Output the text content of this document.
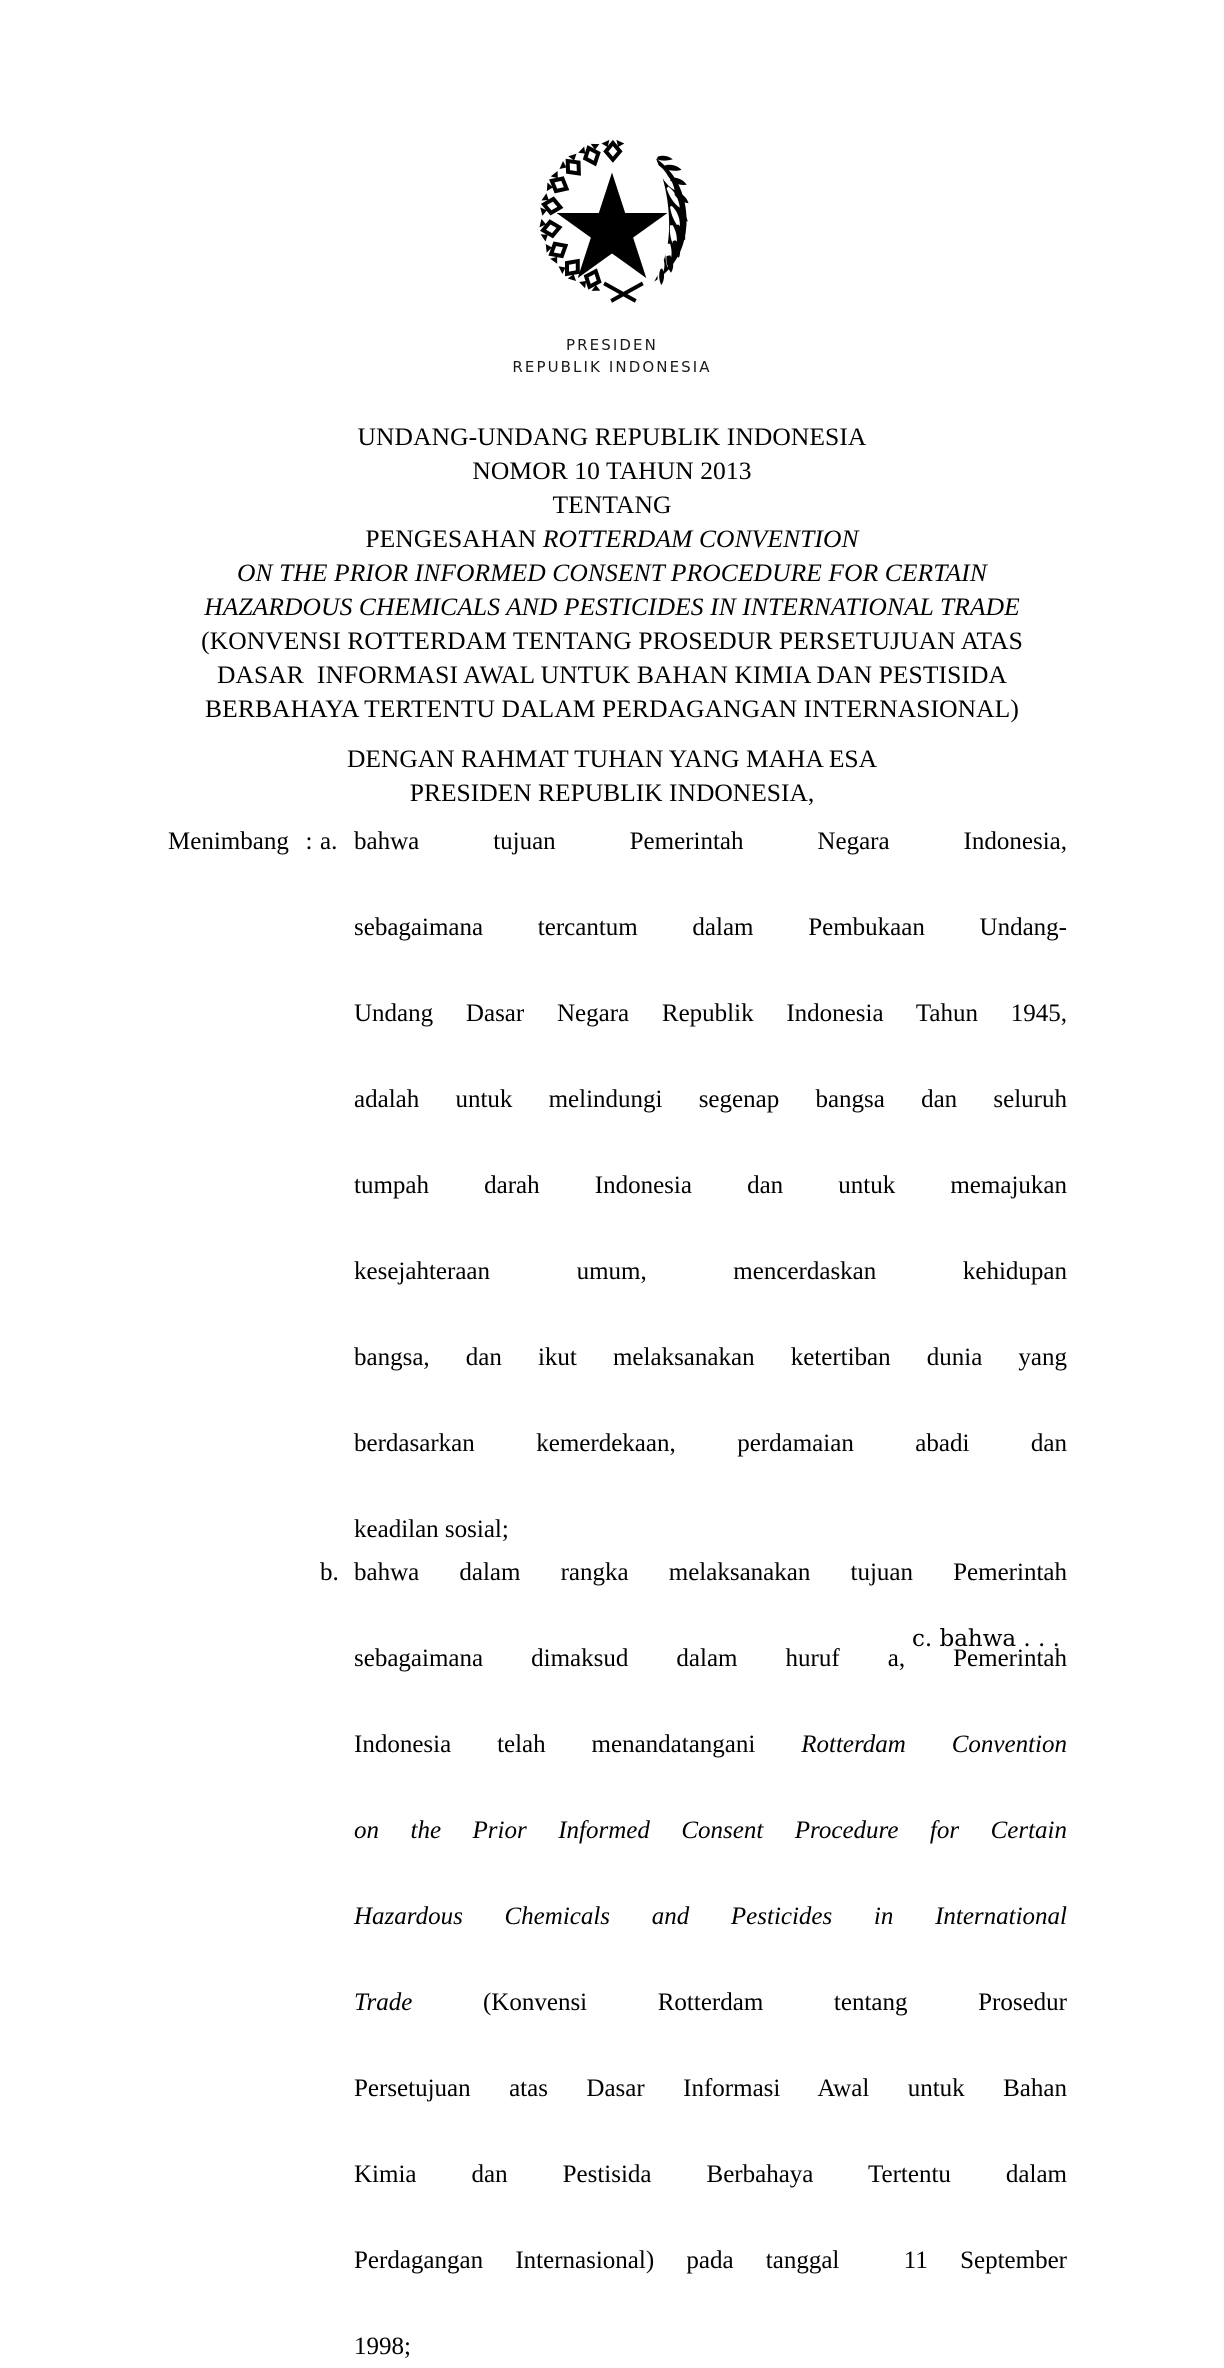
PRESIDEN
REPUBLIK INDONESIA
UNDANG-UNDANG REPUBLIK INDONESIA
NOMOR 10 TAHUN 2013
TENTANG
PENGESAHAN ROTTERDAM CONVENTION
ON THE PRIOR INFORMED CONSENT PROCEDURE FOR CERTAIN
HAZARDOUS CHEMICALS AND PESTICIDES IN INTERNATIONAL TRADE
(KONVENSI ROTTERDAM TENTANG PROSEDUR PERSETUJUAN ATAS
DASAR  INFORMASI AWAL UNTUK BAHAN KIMIA DAN PESTISIDA
BERBAHAYA TERTENTU DALAM PERDAGANGAN INTERNASIONAL)
DENGAN RAHMAT TUHAN YANG MAHA ESA
PRESIDEN REPUBLIK INDONESIA,
Menimbang : a. bahwa tujuan Pemerintah Negara Indonesia,
sebagaimana tercantum dalam Pembukaan Undang-
Undang Dasar Negara Republik Indonesia Tahun 1945,
adalah untuk melindungi segenap bangsa dan seluruh
tumpah darah Indonesia dan untuk memajukan
kesejahteraan umum, mencerdaskan kehidupan
bangsa, dan ikut melaksanakan ketertiban dunia yang
berdasarkan kemerdekaan, perdamaian abadi dan
keadilan sosial;
b. bahwa dalam rangka melaksanakan tujuan Pemerintah
sebagaimana dimaksud dalam huruf a, Pemerintah
Indonesia telah menandatangani Rotterdam Convention
on the Prior Informed Consent Procedure for Certain
Hazardous Chemicals and Pesticides in International
Trade (Konvensi Rotterdam tentang Prosedur
Persetujuan atas Dasar Informasi Awal untuk Bahan
Kimia dan Pestisida Berbahaya Tertentu dalam
Perdagangan Internasional) pada tanggal  11 September
1998;
c. bahwa . . .
